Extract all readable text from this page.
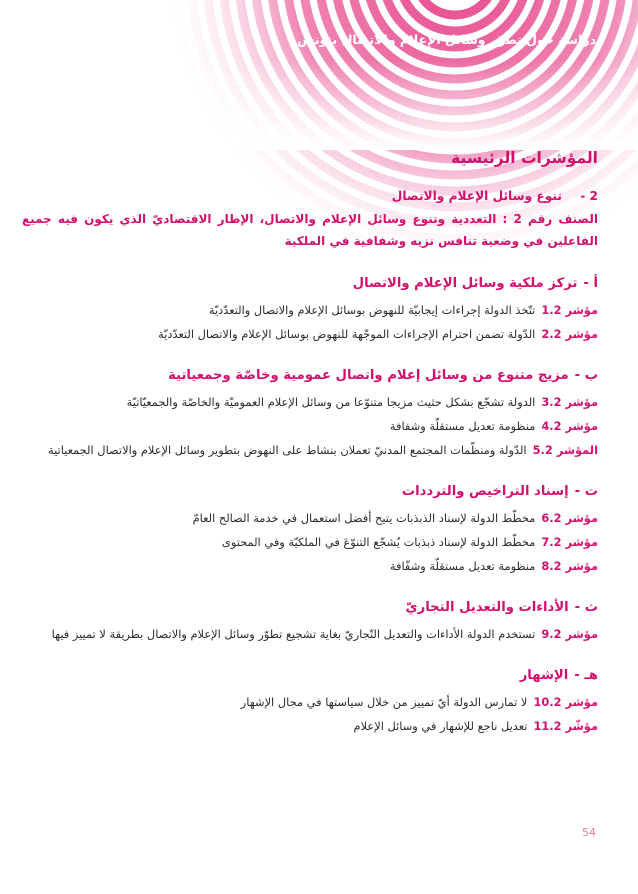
دراسة حول تطوّر وسائل الإعلام والاتصال بتونس
المؤشرات الرئيسية
2 - تنوع وسائل الإعلام والاتصال
الصنف رقم 2 : التعددية وتنوع وسائل الإعلام والاتصال، الإطار الاقتصاديّ الذي يكون فيه جميع الفاعلين في وضعية تنافس نزيه وشفافية في الملكية
أ -تركز ملكية وسائل الإعلام والاتصال
مؤشر 1.2تتّخذ الدولة إجراءات إيجابيّة للنهوض بوسائل الإعلام والاتصال والتعدّديّة
مؤشر 2.2الدّولة تضمن احترام الإجراءات الموجّهة للنهوض بوسائل الإعلام والاتصال التعدّديّة
ب -مزيج متنوع من وسائل إعلام واتصال عمومية وخاصّة وجمعياتية
مؤشر 3.2الدولة تشجّع بشكل حثيث مزيجا متنوّعا من وسائل الإعلام العموميّة والخاصّة والجمعيّاتيّة
مؤشر 4.2منظومة تعديل مستقلّة وشفافة
المؤشر 5.2الدّولة ومنظّمات المجتمع المدنيّ تعملان بنشاط على النهوض بتطوير وسائل الإعلام والاتصال الجمعياتية
ت -إسناد التراخيص والترددات
مؤشر 6.2مخطّط الدولة لإسناد الذبذبات يتيح أفضل استعمال في خدمة الصالح العامّ
مؤشر 7.2مخطّط الدولة لإسناد ذبذبات يُشجّع التنوّعَ في الملكيّة وفي المحتوى
مؤشر 8.2منظومة تعديل مستقلّة وشفّافة
ث -الأداءات والتعديل التجاريّ
مؤشر 9.2تستخدم الدولة الأداءات والتعديل التّجاريّ بغاية تشجيع تطوّر وسائل الإعلام والاتصال بطريقة لا تمييز فيها
هـ -الإشهار
مؤشر 10.2لا تمارس الدولة أيّ تمييز من خلال سياستها في مجال الإشهار
مؤشّر 11.2تعديل ناجع للإشهار في وسائل الإعلام
54
